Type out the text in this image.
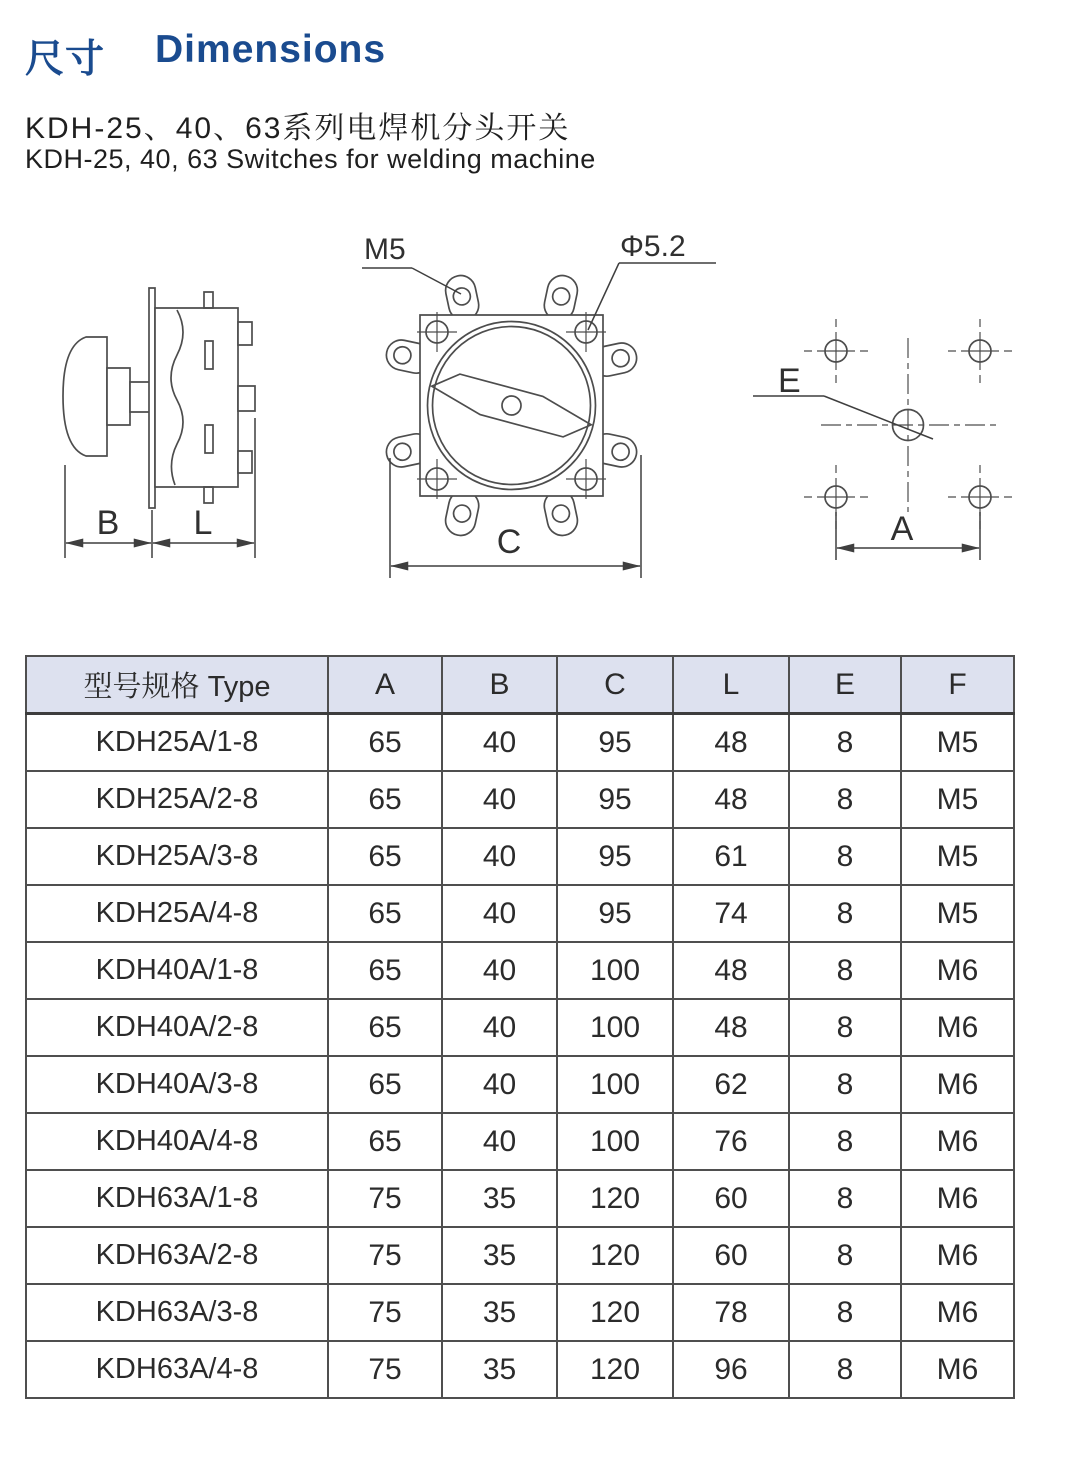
尺寸 Dimensions
KDH-25、40、63系列电焊机分头开关
KDH-25, 40, 63 Switches for welding machine
B L
M5	Φ5.2
C
E
A
型号规格 Type	A	B	C	L	E	F
KDH25A/1-8	65	40	95	48	8	M5
KDH25A/2-8	65	40	95	48	8	M5
KDH25A/3-8	65	40	95	61	8	M5
KDH25A/4-8	65	40	95	74	8	M5
KDH40A/1-8	65	40	100	48	8	M6
KDH40A/2-8	65	40	100	48	8	M6
KDH40A/3-8	65	40	100	62	8	M6
KDH40A/4-8	65	40	100	76	8	M6
KDH63A/1-8	75	35	120	60	8	M6
KDH63A/2-8	75	35	120	60	8	M6
KDH63A/3-8	75	35	120	78	8	M6
KDH63A/4-8	75	35	120	96	8	M6
